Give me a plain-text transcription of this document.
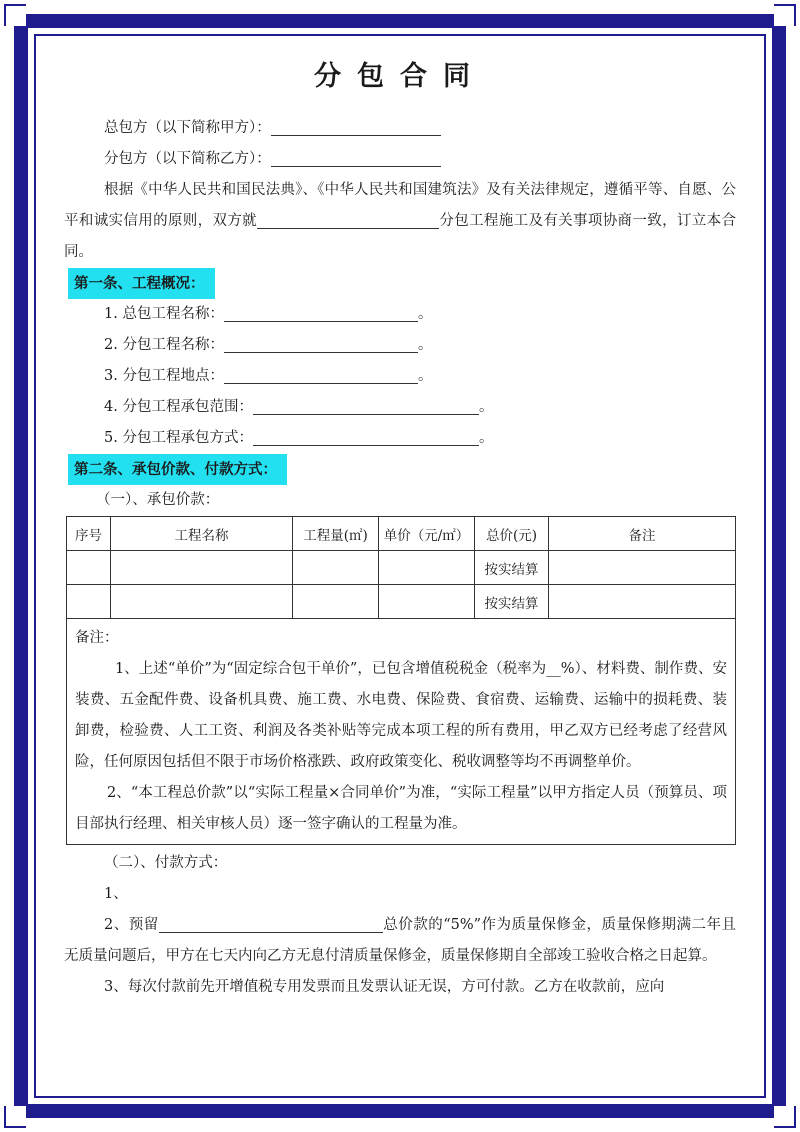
分包合同
总包方（以下简称甲方）：
分包方（以下简称乙方）：
根据《中华人民共和国民法典》、《中华人民共和国建筑法》及有关法律规定，遵循平等、自愿、公平和诚实信用的原则，双方就	分包工程施工及有关事项协商一致，订立本合同。
第一条、工程概况：
1. 总包工程名称：	。
2. 分包工程名称：	。
3. 分包工程地点：	。
4. 分包工程承包范围：	。
5. 分包工程承包方式：	。
第二条、承包价款、付款方式：
（一）、承包价款：
序号	工程名称	工程量(㎡)	单价（元/㎡）	总价(元)	备注
				按实结算	
				按实结算	
备注：
1、上述“单价”为“固定综合包干单价”，已包含增值税税金（税率为__%）、材料费、制作费、安装费、五金配件费、设备机具费、施工费、水电费、保险费、食宿费、运输费、运输中的损耗费、装卸费，检验费、人工工资、利润及各类补贴等完成本项工程的所有费用，甲乙双方已经考虑了经营风险，任何原因包括但不限于市场价格涨跌、政府政策变化、税收调整等均不再调整单价。
2、“本工程总价款”以“实际工程量×合同单价”为准，“实际工程量”以甲方指定人员（预算员、项目部执行经理、相关审核人员）逐一签字确认的工程量为准。
（二）、付款方式：
1、
2、预留	总价款的“5%”作为质量保修金，质量保修期满二年且无质量问题后，甲方在七天内向乙方无息付清质量保修金，质量保修期自全部竣工验收合格之日起算。
3、每次付款前先开增值税专用发票而且发票认证无误，方可付款。乙方在收款前，应向
